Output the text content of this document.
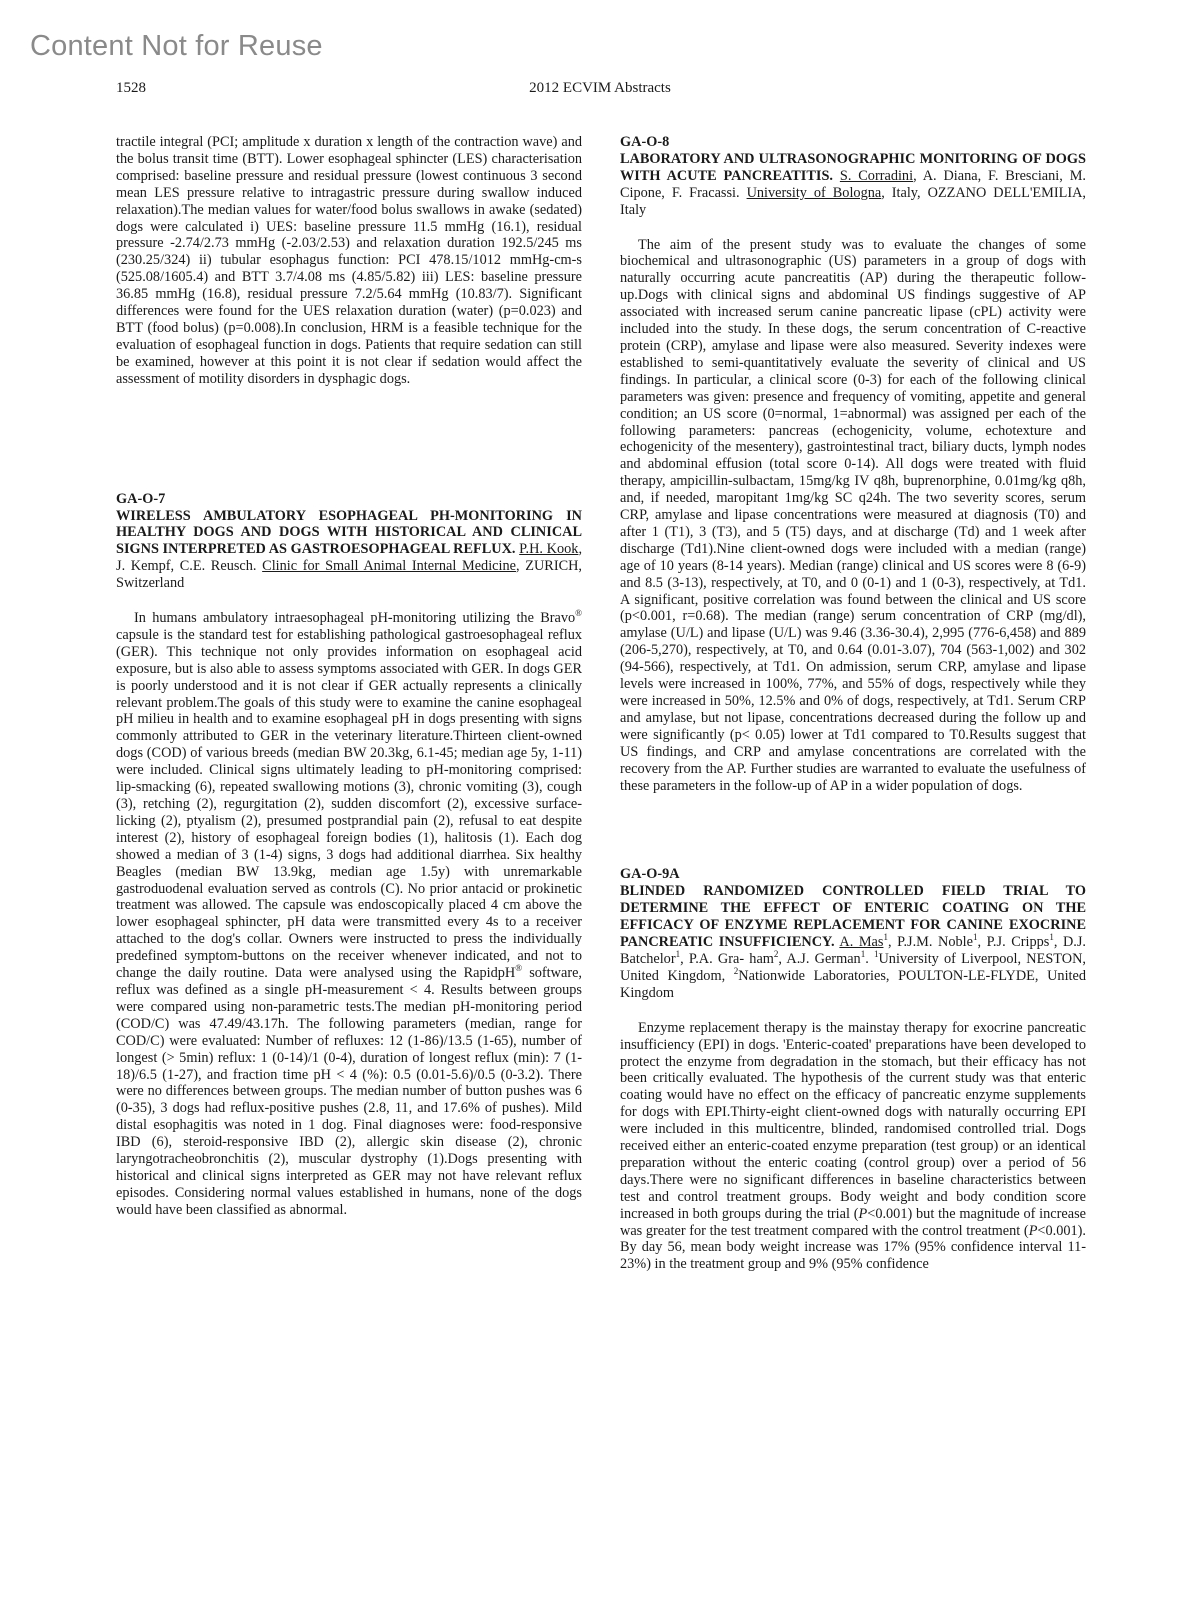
Content Not for Reuse
1528	2012 ECVIM Abstracts

tractile integral (PCI; amplitude x duration x length of the contraction wave) and the bolus transit time (BTT). Lower esophageal sphincter (LES) characterisation comprised: baseline pressure and residual pressure (lowest continuous 3 second mean LES pressure relative to intragastric pressure during swallow induced relaxation).The median values for water/food bolus swallows in awake (sedated) dogs were calculated i) UES: baseline pressure 11.5 mmHg (16.1), residual pressure -2.74/2.73 mmHg (-2.03/2.53) and relaxation duration 192.5/245 ms (230.25/324) ii) tubular esophagus function: PCI 478.15/1012 mmHg-cm-s (525.08/1605.4) and BTT 3.7/4.08 ms (4.85/5.82) iii) LES: baseline pressure 36.85 mmHg (16.8), residual pressure 7.2/5.64 mmHg (10.83/7). Significant differences were found for the UES relaxation duration (water) (p=0.023) and BTT (food bolus) (p=0.008).In conclusion, HRM is a feasible technique for the evaluation of esophageal function in dogs. Patients that require sedation can still be examined, however at this point it is not clear if sedation would affect the assessment of motility disorders in dysphagic dogs.

GA-O-7

WIRELESS AMBULATORY ESOPHAGEAL PH-MONITORING IN HEALTHY DOGS AND DOGS WITH HISTORICAL AND CLINICAL SIGNS INTERPRETED AS GASTROESOPHAGEAL REFLUX. P.H. Kook, J. Kempf, C.E. Reusch. Clinic for Small Animal Internal Medicine, ZURICH, Switzerland

In humans ambulatory intraesophageal pH-monitoring utilizing the Bravo® capsule is the standard test for establishing pathological gastroesophageal reflux (GER). This technique not only provides information on esophageal acid exposure, but is also able to assess symptoms associated with GER. In dogs GER is poorly understood and it is not clear if GER actually represents a clinically relevant problem.The goals of this study were to examine the canine esophageal pH milieu in health and to examine esophageal pH in dogs presenting with signs commonly attributed to GER in the veterinary literature.Thirteen client-owned dogs (COD) of various breeds (median BW 20.3kg, 6.1-45; median age 5y, 1-11) were included. Clinical signs ultimately leading to pH-monitoring comprised: lip-smacking (6), repeated swallowing motions (3), chronic vomiting (3), cough (3), retching (2), regurgitation (2), sudden discomfort (2), excessive surface-licking (2), ptyalism (2), presumed postprandial pain (2), refusal to eat despite interest (2), history of esophageal foreign bodies (1), halitosis (1). Each dog showed a median of 3 (1-4) signs, 3 dogs had additional diarrhea. Six healthy Beagles (median BW 13.9kg, median age 1.5y) with unremarkable gastroduodenal evaluation served as controls (C). No prior antacid or prokinetic treatment was allowed. The capsule was endoscopically placed 4 cm above the lower esophageal sphincter, pH data were transmitted every 4s to a receiver attached to the dog's collar. Owners were instructed to press the individually predefined symptom-buttons on the receiver whenever indicated, and not to change the daily routine. Data were analysed using the RapidpH® software, reflux was defined as a single pH-measurement < 4. Results between groups were compared using non-parametric tests.The median pH-monitoring period (COD/C) was 47.49/43.17h. The following parameters (median, range for COD/C) were evaluated: Number of refluxes: 12 (1-86)/13.5 (1-65), number of longest (> 5min) reflux: 1 (0-14)/1 (0-4), duration of longest reflux (min): 7 (1-18)/6.5 (1-27), and fraction time pH < 4 (%): 0.5 (0.01-5.6)/0.5 (0-3.2). There were no differences between groups. The median number of button pushes was 6 (0-35), 3 dogs had reflux-positive pushes (2.8, 11, and 17.6% of pushes). Mild distal esophagitis was noted in 1 dog. Final diagnoses were: food-responsive IBD (6), steroid-responsive IBD (2), allergic skin disease (2), chronic laryngotracheobronchitis (2), muscular dystrophy (1).Dogs presenting with historical and clinical signs interpreted as GER may not have relevant reflux episodes. Considering normal values established in humans, none of the dogs would have been classified as abnormal.

GA-O-8

LABORATORY AND ULTRASONOGRAPHIC MONITORING OF DOGS WITH ACUTE PANCREATITIS. S. Corradini, A. Diana, F. Bresciani, M. Cipone, F. Fracassi. University of Bologna, Italy, OZZANO DELL'EMILIA, Italy

The aim of the present study was to evaluate the changes of some biochemical and ultrasonographic (US) parameters in a group of dogs with naturally occurring acute pancreatitis (AP) during the therapeutic follow-up.Dogs with clinical signs and abdominal US findings suggestive of AP associated with increased serum canine pancreatic lipase (cPL) activity were included into the study. In these dogs, the serum concentration of C-reactive protein (CRP), amylase and lipase were also measured. Severity indexes were established to semi-quantitatively evaluate the severity of clinical and US findings. In particular, a clinical score (0-3) for each of the following clinical parameters was given: presence and frequency of vomiting, appetite and general condition; an US score (0=normal, 1=abnormal) was assigned per each of the following parameters: pancreas (echogenicity, volume, echotexture and echogenicity of the mesentery), gastrointestinal tract, biliary ducts, lymph nodes and abdominal effusion (total score 0-14). All dogs were treated with fluid therapy, ampicillin-sulbactam, 15mg/kg IV q8h, buprenorphine, 0.01mg/kg q8h, and, if needed, maropitant 1mg/kg SC q24h. The two severity scores, serum CRP, amylase and lipase concentrations were measured at diagnosis (T0) and after 1 (T1), 3 (T3), and 5 (T5) days, and at discharge (Td) and 1 week after discharge (Td1).Nine client-owned dogs were included with a median (range) age of 10 years (8-14 years). Median (range) clinical and US scores were 8 (6-9) and 8.5 (3-13), respectively, at T0, and 0 (0-1) and 1 (0-3), respectively, at Td1. A significant, positive correlation was found between the clinical and US score (p<0.001, r=0.68). The median (range) serum concentration of CRP (mg/dl), amylase (U/L) and lipase (U/L) was 9.46 (3.36-30.4), 2,995 (776-6,458) and 889 (206-5,270), respectively, at T0, and 0.64 (0.01-3.07), 704 (563-1,002) and 302 (94-566), respectively, at Td1. On admission, serum CRP, amylase and lipase levels were increased in 100%, 77%, and 55% of dogs, respectively while they were increased in 50%, 12.5% and 0% of dogs, respectively, at Td1. Serum CRP and amylase, but not lipase, concentrations decreased during the follow up and were significantly (p< 0.05) lower at Td1 compared to T0.Results suggest that US findings, and CRP and amylase concentrations are correlated with the recovery from the AP. Further studies are warranted to evaluate the usefulness of these parameters in the follow-up of AP in a wider population of dogs.

GA-O-9A

BLINDED RANDOMIZED CONTROLLED FIELD TRIAL TO DETERMINE THE EFFECT OF ENTERIC COATING ON THE EFFICACY OF ENZYME REPLACEMENT FOR CANINE EXOCRINE PANCREATIC INSUFFICIENCY. A. Mas$^1$, P.J.M. Noble$^1$, P.J. Cripps$^1$, D.J. Batchelor$^1$, P.A. Gra- ham$^2$, A.J. German$^1$. $^1$University of Liverpool, NESTON, United Kingdom, $^2$Nationwide Laboratories, POULTON-LE-FLYDE, United Kingdom

Enzyme replacement therapy is the mainstay therapy for exocrine pancreatic insufficiency (EPI) in dogs. 'Enteric-coated' preparations have been developed to protect the enzyme from degradation in the stomach, but their efficacy has not been critically evaluated. The hypothesis of the current study was that enteric coating would have no effect on the efficacy of pancreatic enzyme supplements for dogs with EPI.Thirty-eight client-owned dogs with naturally occurring EPI were included in this multicentre, blinded, randomised controlled trial. Dogs received either an enteric-coated enzyme preparation (test group) or an identical preparation without the enteric coating (control group) over a period of 56 days.There were no significant differences in baseline characteristics between test and control treatment groups. Body weight and body condition score increased in both groups during the trial (P<0.001) but the magnitude of increase was greater for the test treatment compared with the control treatment (P<0.001). By day 56, mean body weight increase was 17% (95% confidence interval 11-23%) in the treatment group and 9% (95% confidence
